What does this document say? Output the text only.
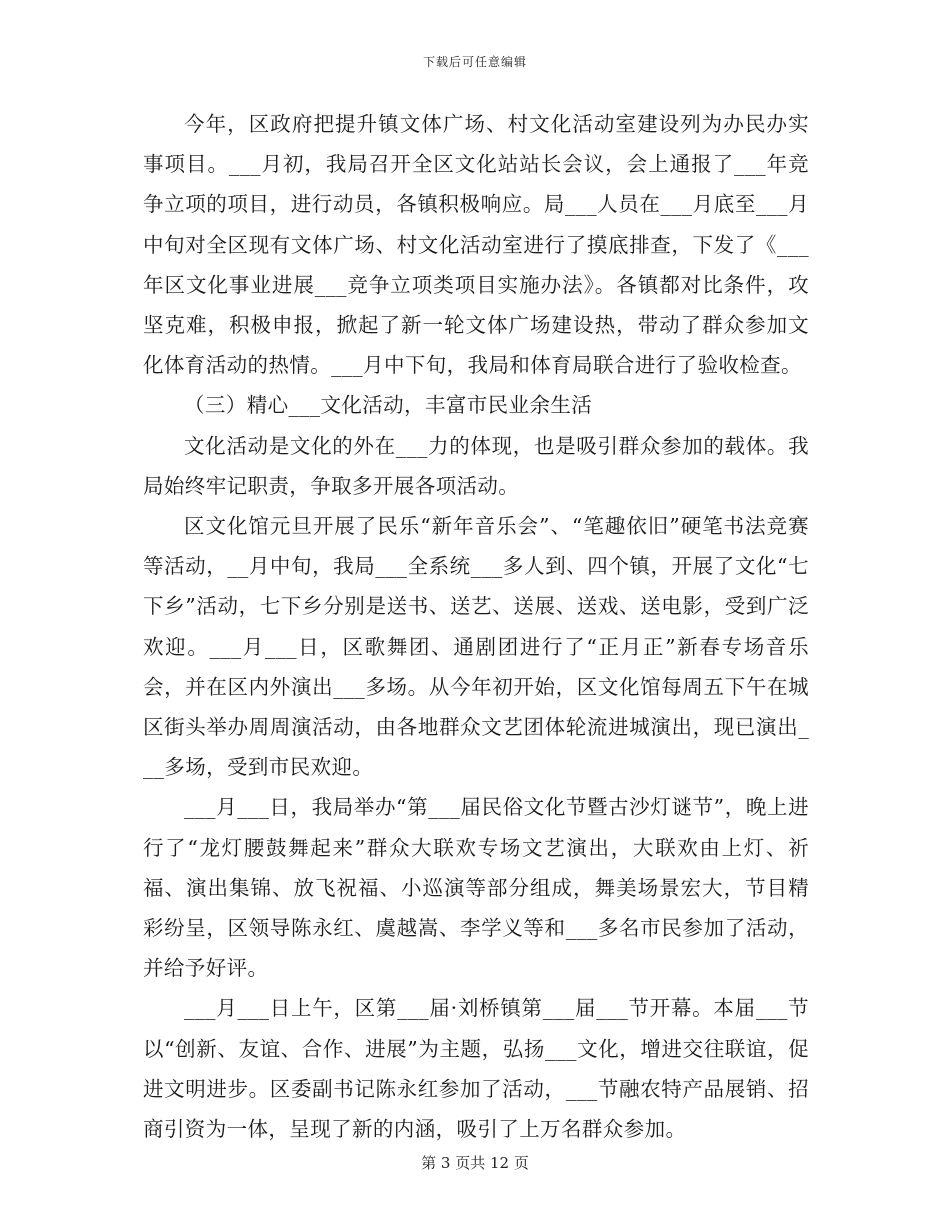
下载后可任意编辑

今年，区政府把提升镇文体广场、村文化活动室建设列为办民办实事项目。___月初，我局召开全区文化站站长会议，会上通报了___年竞争立项的项目，进行动员，各镇积极响应。局___人员在___月底至___月中旬对全区现有文体广场、村文化活动室进行了摸底排查，下发了《___年区文化事业进展___竞争立项类项目实施办法》。各镇都对比条件，攻坚克难，积极申报，掀起了新一轮文体广场建设热，带动了群众参加文化体育活动的热情。___月中下旬，我局和体育局联合进行了验收检查。

（三）精心___文化活动，丰富市民业余生活

文化活动是文化的外在___力的体现，也是吸引群众参加的载体。我局始终牢记职责，争取多开展各项活动。

区文化馆元旦开展了民乐“新年音乐会”、“笔趣依旧”硬笔书法竞赛等活动，__月中旬，我局___全系统___多人到、四个镇，开展了文化“七下乡”活动，七下乡分别是送书、送艺、送展、送戏、送电影，受到广泛欢迎。___月___日，区歌舞团、通剧团进行了“正月正”新春专场音乐会，并在区内外演出___多场。从今年初开始，区文化馆每周五下午在城区街头举办周周演活动，由各地群众文艺团体轮流进城演出，现已演出___多场，受到市民欢迎。

___月___日，我局举办“第___届民俗文化节暨古沙灯谜节”，晚上进行了“龙灯腰鼓舞起来”群众大联欢专场文艺演出，大联欢由上灯、祈福、演出集锦、放飞祝福、小巡演等部分组成，舞美场景宏大，节目精彩纷呈，区领导陈永红、虞越嵩、李学义等和___多名市民参加了活动，并给予好评。

___月___日上午，区第___届·刘桥镇第___届___节开幕。本届___节以“创新、友谊、合作、进展”为主题，弘扬___文化，增进交往联谊，促进文明进步。区委副书记陈永红参加了活动，___节融农特产品展销、招商引资为一体，呈现了新的内涵，吸引了上万名群众参加。

第 3 页共 12 页
